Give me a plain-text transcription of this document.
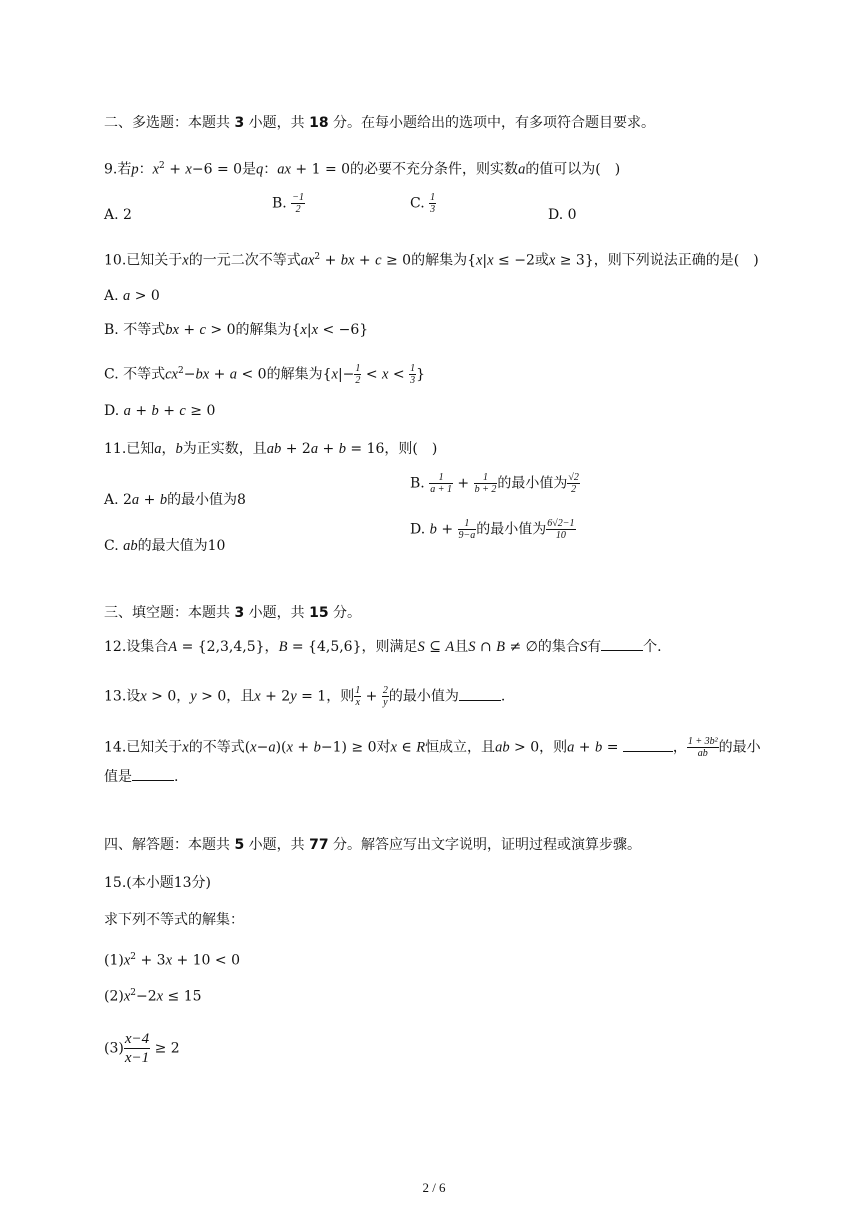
二、多选题：本题共 3 小题，共 18 分。在每小题给出的选项中，有多项符合题目要求。
9.若p：$x^2 + x-6 = 0$是q：ax + 1 = 0的必要不充分条件，则实数a的值可以为(　)
A. 2
B. $\frac{-1}{2}$	C. $\frac{1}{3}$	D. 0
10.已知关于x的一元二次不等式$ax^2$ + bx + c ≥ 0的解集为{x|x ≤ −2或x ≥ 3}，则下列说法正确的是(　)
A. a > 0
B. 不等式bx + c > 0的解集为{x|x < −6}
C. 不等式$cx^2-bx + a < 0$的解集为{$x|- \frac{1}{2} < x < \frac{1}{3}$ }
D. a + b + c ≥ 0
11.已知a，b为正实数，且ab + 2a + b = 16，则(　)
A. 2a + b的最小值为8
B. $\frac{1}{a + 1} + \frac{1}{b + 2}$ 的最小值为 $\frac{√2}{2}$
C. ab的最大值为10
D. $b + \frac{1}{9-a}$ 的最小值为 $\frac{6√2-1}{10}$
三、填空题：本题共 3 小题，共 15 分。
12.设集合A = {2,3,4,5}，B = {4,5,6}，则满足S ⊆ A且S ∩ B ≠ ∅的集合S有	个.
13.设x > 0，y > 0，且x + 2y = 1，则 $\frac{1}{x} + \frac{2}{y}$ 的最小值为	.
14.已知关于x的不等式(x−a)(x + b−1) ≥ 0对x ∈ R恒成立，且ab > 0，则a + b =	， $\frac{\text{1 + 3b²}}{ab}$ 的最小
值是	.
四、解答题：本题共 5 小题，共 77 分。解答应写出文字说明，证明过程或演算步骤。
15.(本小题13分)
求下列不等式的解集：
$(1)x^2 + 3x + 10 < 0$
$(2)x^2-2x \le 15$
$(3) \frac{x-4}{x-1} \ge 2$
2 / 6
